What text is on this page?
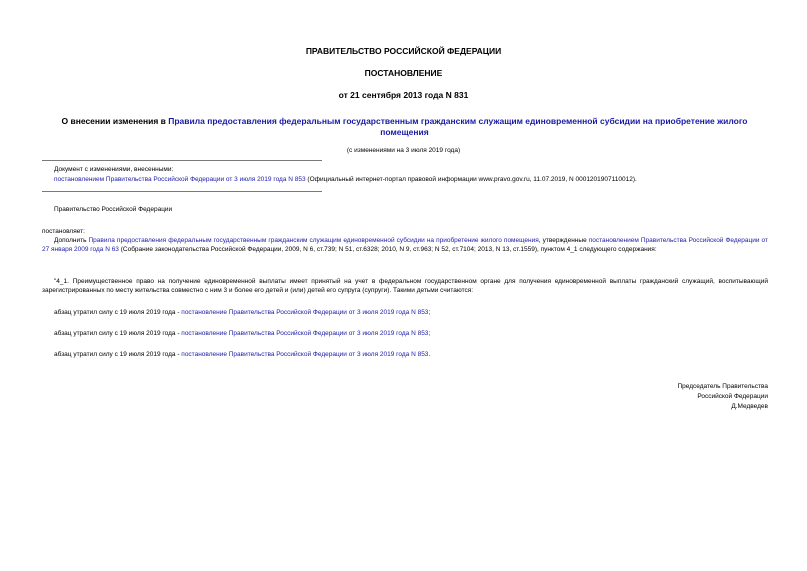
ПРАВИТЕЛЬСТВО РОССИЙСКОЙ ФЕДЕРАЦИИ
ПОСТАНОВЛЕНИЕ
от 21 сентября 2013 года N 831
О внесении изменения в Правила предоставления федеральным государственным гражданским служащим единовременной субсидии на приобретение жилого помещения
(с изменениями на 3 июля 2019 года)
Документ с изменениями, внесенными:
постановлением Правительства Российской Федерации от 3 июля 2019 года N 853 (Официальный интернет-портал правовой информации www.pravo.gov.ru, 11.07.2019, N 0001201907110012).
Правительство Российской Федерации
постановляет:
Дополнить Правила предоставления федеральным государственным гражданским служащим единовременной субсидии на приобретение жилого помещения, утвержденные постановлением Правительства Российской Федерации от 27 января 2009 года N 63 (Собрание законодательства Российской Федерации, 2009, N 6, ст.739; N 51, ст.6328; 2010, N 9, ст.963; N 52, ст.7104; 2013, N 13, ст.1559), пунктом 4_1 следующего содержания:
"4_1. Преимущественное право на получение единовременной выплаты имеет принятый на учет в федеральном государственном органе для получения единовременной выплаты гражданский служащий, воспитывающий зарегистрированных по месту жительства совместно с ним 3 и более его детей и (или) детей его супруга (супруги). Такими детьми считаются:
абзац утратил силу с 19 июля 2019 года - постановление Правительства Российской Федерации от 3 июля 2019 года N 853;
абзац утратил силу с 19 июля 2019 года - постановление Правительства Российской Федерации от 3 июля 2019 года N 853;
абзац утратил силу с 19 июля 2019 года - постановление Правительства Российской Федерации от 3 июля 2019 года N 853.
Председатель Правительства
Российской Федерации
Д.Медведев
